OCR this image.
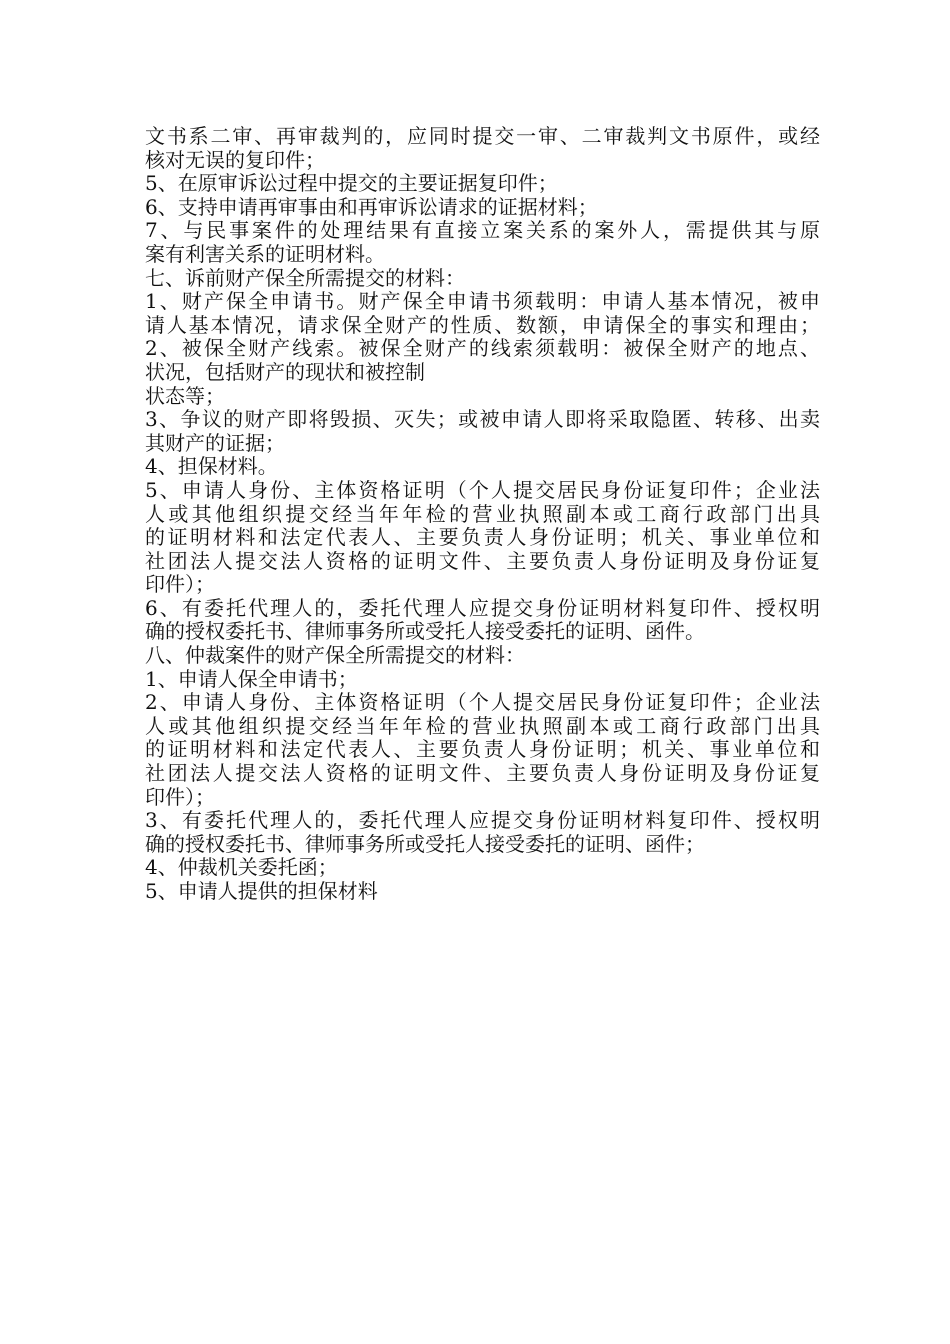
文书系二审、再审裁判的，应同时提交一审、二审裁判文书原件，或经
核对无误的复印件；
5、在原审诉讼过程中提交的主要证据复印件；
6、支持申请再审事由和再审诉讼请求的证据材料；
7、与民事案件的处理结果有直接立案关系的案外人，需提供其与原
案有利害关系的证明材料。
七、诉前财产保全所需提交的材料：
1、财产保全申请书。财产保全申请书须载明：申请人基本情况，被申
请人基本情况，请求保全财产的性质、数额，申请保全的事实和理由；
2、被保全财产线索。被保全财产的线索须载明：被保全财产的地点、
状况，包括财产的现状和被控制
状态等；
3、争议的财产即将毁损、灭失；或被申请人即将采取隐匿、转移、出卖
其财产的证据；
4、担保材料。
5、申请人身份、主体资格证明（个人提交居民身份证复印件；企业法
人或其他组织提交经当年年检的营业执照副本或工商行政部门出具
的证明材料和法定代表人、主要负责人身份证明；机关、事业单位和
社团法人提交法人资格的证明文件、主要负责人身份证明及身份证复
印件）；
6、有委托代理人的，委托代理人应提交身份证明材料复印件、授权明
确的授权委托书、律师事务所或受托人接受委托的证明、函件。
八、仲裁案件的财产保全所需提交的材料：
1、申请人保全申请书；
2、申请人身份、主体资格证明（个人提交居民身份证复印件；企业法
人或其他组织提交经当年年检的营业执照副本或工商行政部门出具
的证明材料和法定代表人、主要负责人身份证明；机关、事业单位和
社团法人提交法人资格的证明文件、主要负责人身份证明及身份证复
印件）；
3、有委托代理人的，委托代理人应提交身份证明材料复印件、授权明
确的授权委托书、律师事务所或受托人接受委托的证明、函件；
4、仲裁机关委托函；
5、申请人提供的担保材料
